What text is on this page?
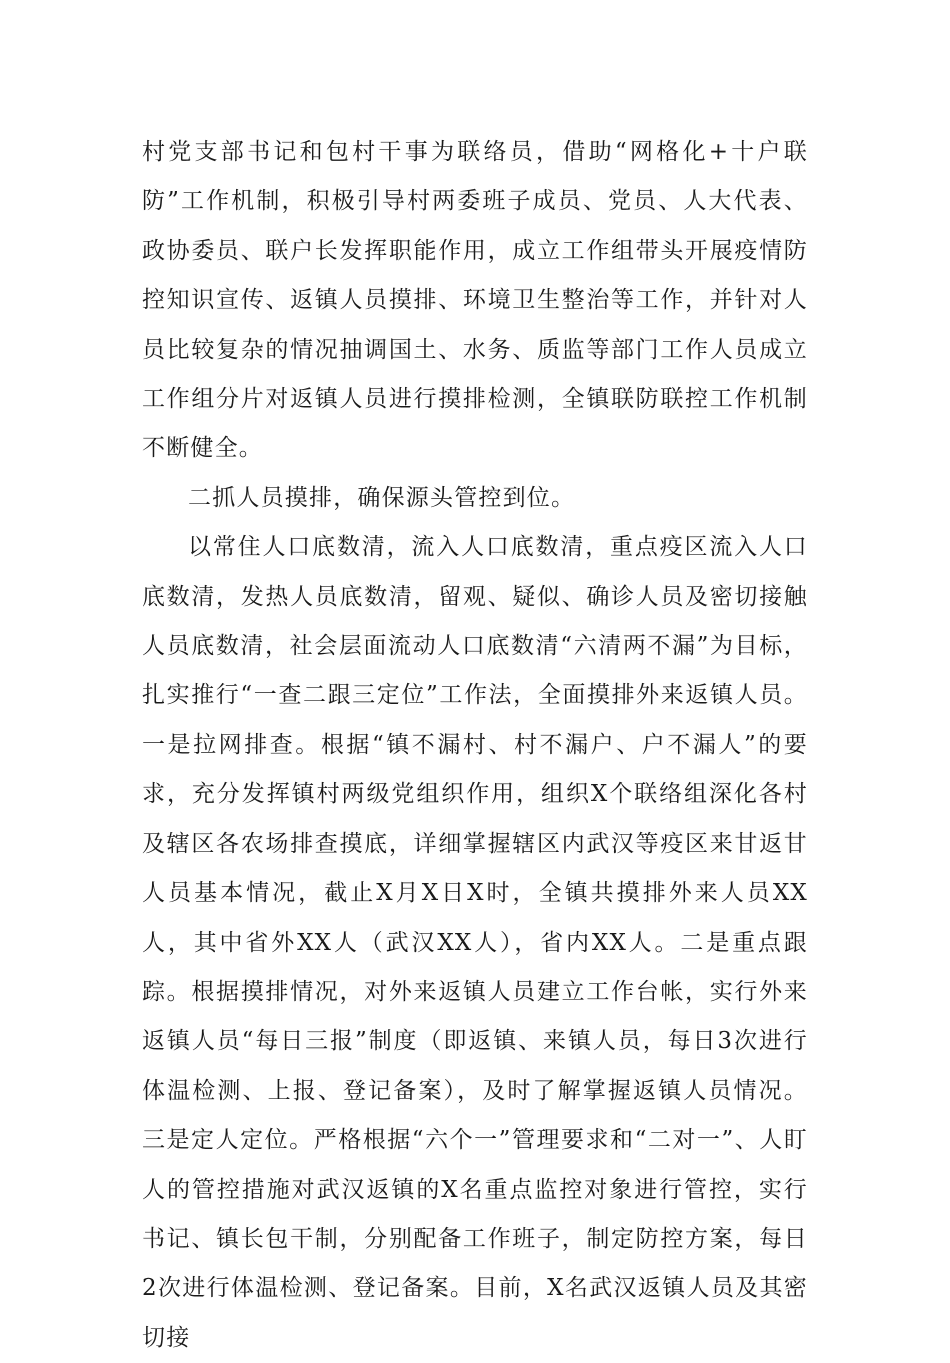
村党支部书记和包村干事为联络员，借助“网格化+十户联防”工作机制，积极引导村两委班子成员、党员、人大代表、政协委员、联户长发挥职能作用，成立工作组带头开展疫情防控知识宣传、返镇人员摸排、环境卫生整治等工作，并针对人员比较复杂的情况抽调国土、水务、质监等部门工作人员成立工作组分片对返镇人员进行摸排检测，全镇联防联控工作机制不断健全。

二抓人员摸排，确保源头管控到位。

以常住人口底数清，流入人口底数清，重点疫区流入人口底数清，发热人员底数清，留观、疑似、确诊人员及密切接触人员底数清，社会层面流动人口底数清“六清两不漏”为目标，扎实推行“一查二跟三定位”工作法，全面摸排外来返镇人员。一是拉网排查。根据“镇不漏村、村不漏户、户不漏人”的要求，充分发挥镇村两级党组织作用，组织X个联络组深化各村及辖区各农场排查摸底，详细掌握辖区内武汉等疫区来甘返甘人员基本情况，截止X月X日X时，全镇共摸排外来人员XX人，其中省外XX人（武汉XX人），省内XX人。二是重点跟踪。根据摸排情况，对外来返镇人员建立工作台帐，实行外来返镇人员“每日三报”制度（即返镇、来镇人员，每日3次进行体温检测、上报、登记备案），及时了解掌握返镇人员情况。三是定人定位。严格根据“六个一”管理要求和“二对一”、人盯人的管控措施对武汉返镇的X名重点监控对象进行管控，实行书记、镇长包干制，分别配备工作班子，制定防控方案，每日2次进行体温检测、登记备案。目前，X名武汉返镇人员及其密切接
